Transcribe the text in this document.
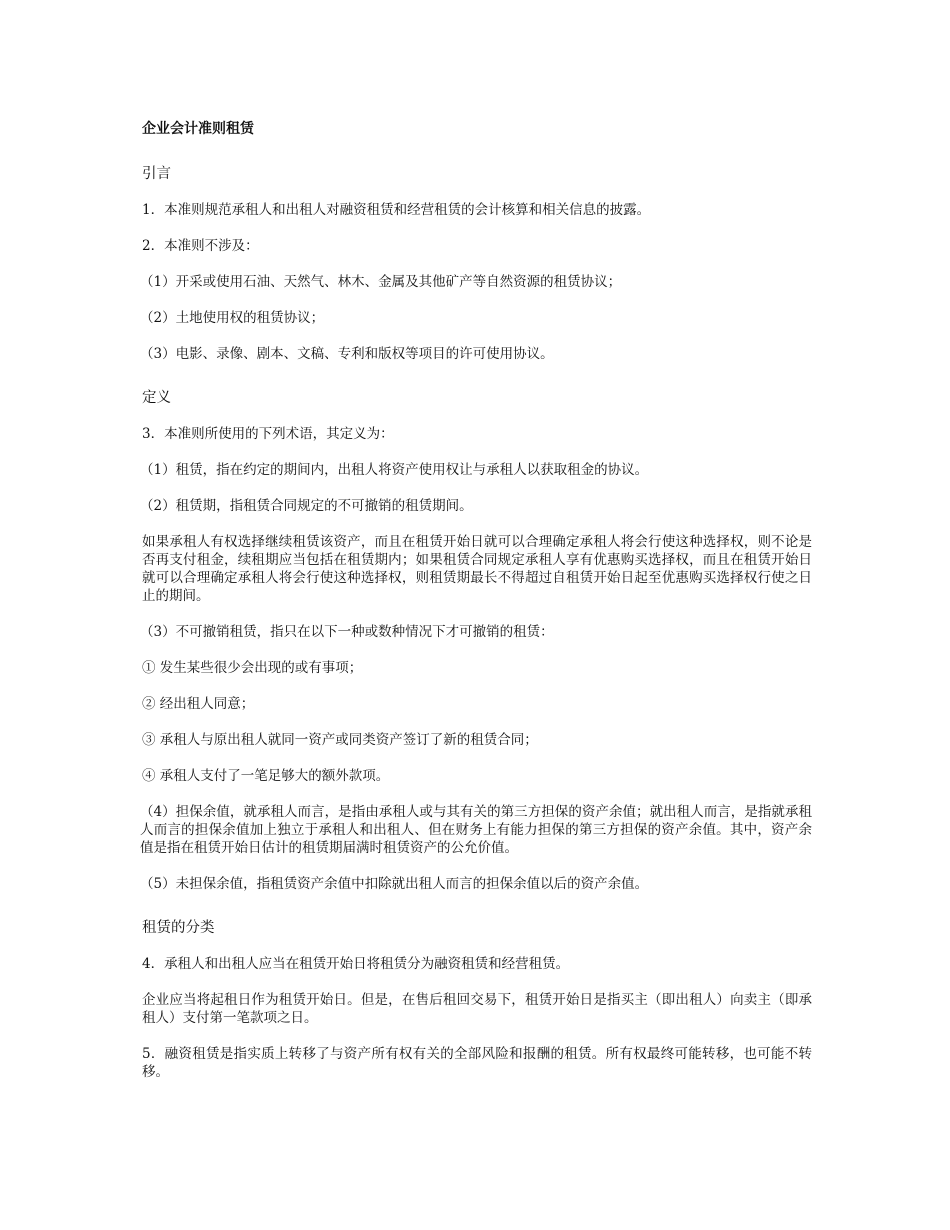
企业会计准则租赁
引言

1．本准则规范承租人和出租人对融资租赁和经营租赁的会计核算和相关信息的披露。

2．本准则不涉及：

（1）开采或使用石油、天然气、林木、金属及其他矿产等自然资源的租赁协议；

（2）土地使用权的租赁协议；

（3）电影、录像、剧本、文稿、专利和版权等项目的许可使用协议。

定义

3．本准则所使用的下列术语，其定义为：

（1）租赁，指在约定的期间内，出租人将资产使用权让与承租人以获取租金的协议。

（2）租赁期，指租赁合同规定的不可撤销的租赁期间。

如果承租人有权选择继续租赁该资产，而且在租赁开始日就可以合理确定承租人将会行使这种选择权，则不论是否再支付租金，续租期应当包括在租赁期内；如果租赁合同规定承租人享有优惠购买选择权，而且在租赁开始日就可以合理确定承租人将会行使这种选择权，则租赁期最长不得超过自租赁开始日起至优惠购买选择权行使之日止的期间。

（3）不可撤销租赁，指只在以下一种或数种情况下才可撤销的租赁：

① 发生某些很少会出现的或有事项；

② 经出租人同意；

③ 承租人与原出租人就同一资产或同类资产签订了新的租赁合同；

④ 承租人支付了一笔足够大的额外款项。

（4）担保余值，就承租人而言，是指由承租人或与其有关的第三方担保的资产余值；就出租人而言，是指就承租人而言的担保余值加上独立于承租人和出租人、但在财务上有能力担保的第三方担保的资产余值。其中，资产余值是指在租赁开始日估计的租赁期届满时租赁资产的公允价值。

（5）未担保余值，指租赁资产余值中扣除就出租人而言的担保余值以后的资产余值。

租赁的分类

4．承租人和出租人应当在租赁开始日将租赁分为融资租赁和经营租赁。

企业应当将起租日作为租赁开始日。但是，在售后租回交易下，租赁开始日是指买主（即出租人）向卖主（即承租人）支付第一笔款项之日。

5．融资租赁是指实质上转移了与资产所有权有关的全部风险和报酬的租赁。所有权最终可能转移，也可能不转移。
